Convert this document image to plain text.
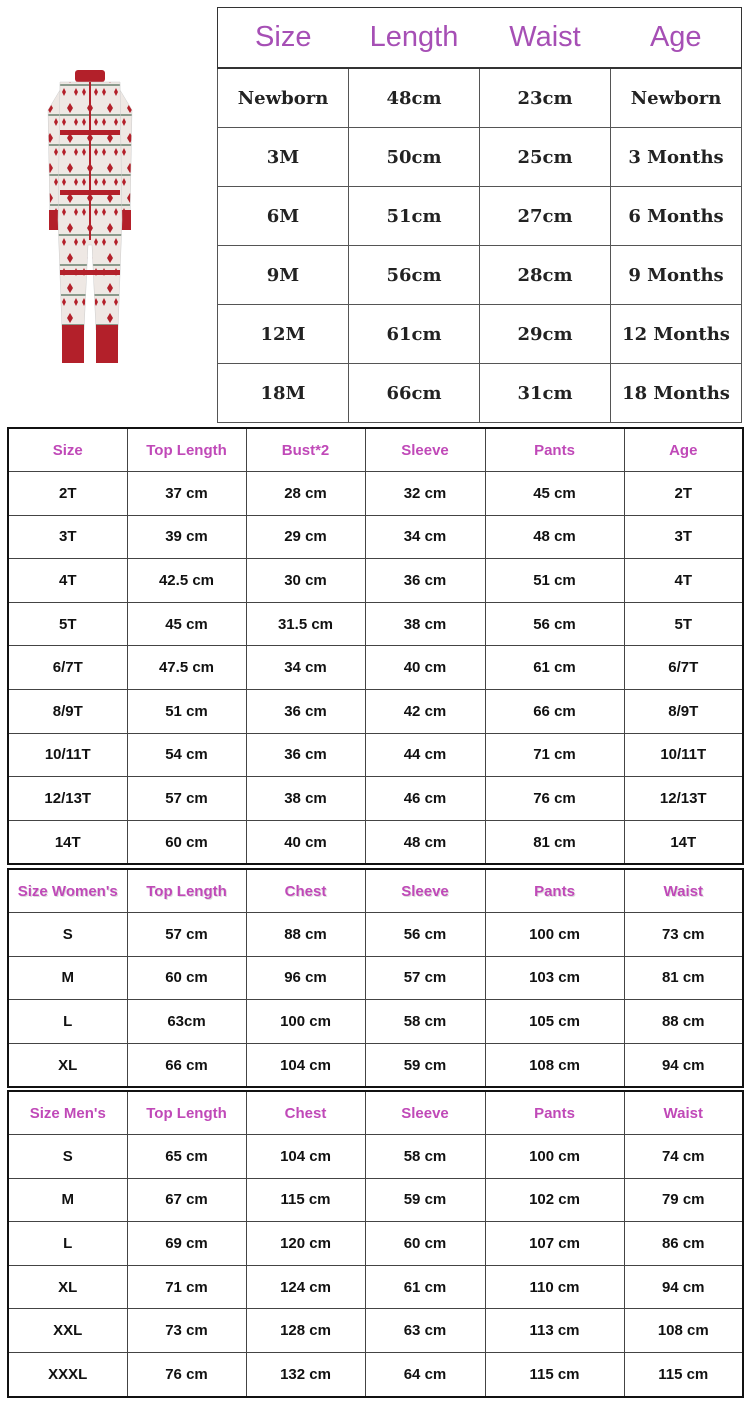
Size	Length	Waist	Age
Newborn	48cm	23cm	Newborn
3M	50cm	25cm	3 Months
6M	51cm	27cm	6 Months
9M	56cm	28cm	9 Months
12M	61cm	29cm	12 Months
18M	66cm	31cm	18 Months
Size	Top Length	Bust*2	Sleeve	Pants	Age
2T	37 cm	28 cm	32 cm	45 cm	2T
3T	39 cm	29 cm	34 cm	48 cm	3T
4T	42.5 cm	30 cm	36 cm	51 cm	4T
5T	45 cm	31.5 cm	38 cm	56 cm	5T
6/7T	47.5 cm	34 cm	40 cm	61 cm	6/7T
8/9T	51 cm	36 cm	42 cm	66 cm	8/9T
10/11T	54 cm	36 cm	44 cm	71 cm	10/11T
12/13T	57 cm	38 cm	46 cm	76 cm	12/13T
14T	60 cm	40 cm	48 cm	81 cm	14T
Size Women's	Top Length	Chest	Sleeve	Pants	Waist
S	57 cm	88 cm	56 cm	100 cm	73 cm
M	60 cm	96 cm	57 cm	103 cm	81 cm
L	63cm	100 cm	58 cm	105 cm	88 cm
XL	66 cm	104 cm	59 cm	108 cm	94 cm
Size Men's	Top Length	Chest	Sleeve	Pants	Waist
S	65 cm	104 cm	58 cm	100 cm	74 cm
M	67 cm	115 cm	59 cm	102 cm	79 cm
L	69 cm	120 cm	60 cm	107 cm	86 cm
XL	71 cm	124 cm	61 cm	110 cm	94 cm
XXL	73 cm	128 cm	63 cm	113 cm	108 cm
XXXL	76 cm	132 cm	64 cm	115 cm	115 cm
